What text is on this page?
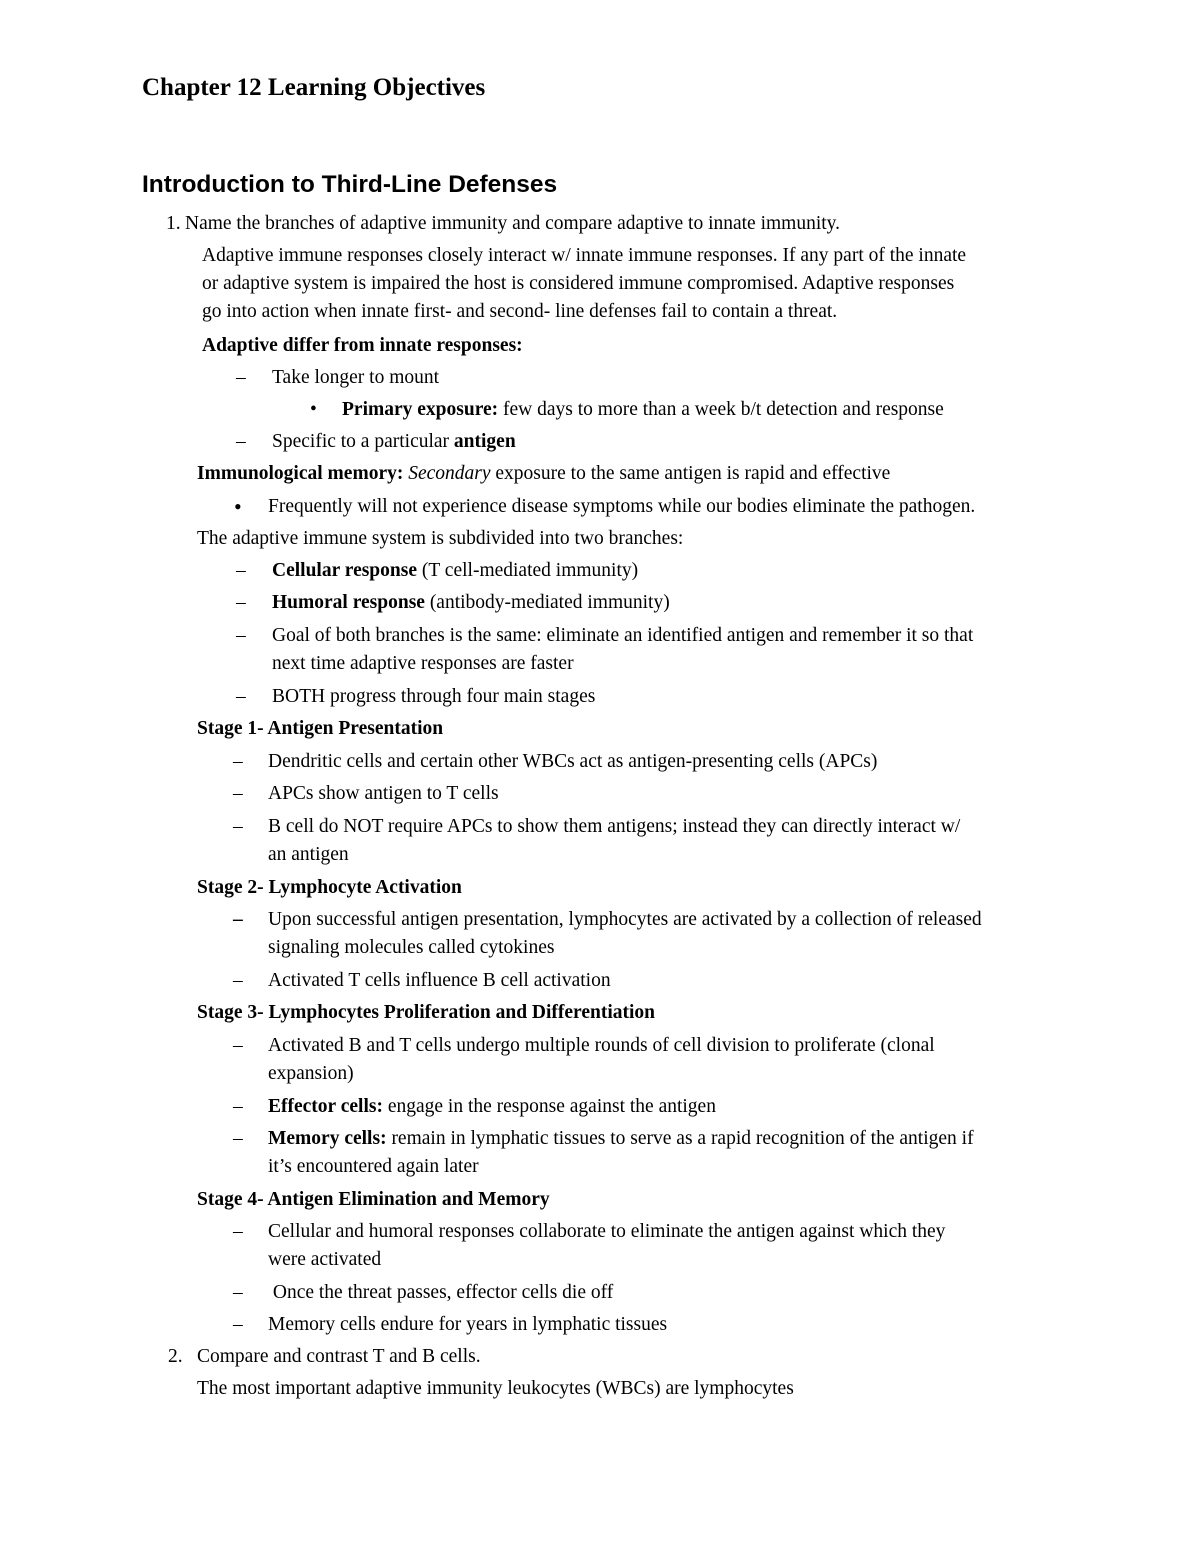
Chapter 12 Learning Objectives
Introduction to Third-Line Defenses
1. Name the branches of adaptive immunity and compare adaptive to innate immunity.
Adaptive immune responses closely interact w/ innate immune responses. If any part of the innate
or adaptive system is impaired the host is considered immune compromised. Adaptive responses
go into action when innate first- and second- line defenses fail to contain a threat.
Adaptive differ from innate responses:
– Take longer to mount
• Primary exposure: few days to more than a week b/t detection and response
– Specific to a particular antigen
Immunological memory: Secondary exposure to the same antigen is rapid and effective
• Frequently will not experience disease symptoms while our bodies eliminate the pathogen.
The adaptive immune system is subdivided into two branches:
– Cellular response (T cell-mediated immunity)
– Humoral response (antibody-mediated immunity)
– Goal of both branches is the same: eliminate an identified antigen and remember it so that
next time adaptive responses are faster
– BOTH progress through four main stages
Stage 1- Antigen Presentation
– Dendritic cells and certain other WBCs act as antigen-presenting cells (APCs)
– APCs show antigen to T cells
– B cell do NOT require APCs to show them antigens; instead they can directly interact w/
an antigen
Stage 2- Lymphocyte Activation
– Upon successful antigen presentation, lymphocytes are activated by a collection of released
signaling molecules called cytokines
– Activated T cells influence B cell activation
Stage 3- Lymphocytes Proliferation and Differentiation
– Activated B and T cells undergo multiple rounds of cell division to proliferate (clonal
expansion)
– Effector cells: engage in the response against the antigen
– Memory cells: remain in lymphatic tissues to serve as a rapid recognition of the antigen if
it’s encountered again later
Stage 4- Antigen Elimination and Memory
– Cellular and humoral responses collaborate to eliminate the antigen against which they
were activated
– Once the threat passes, effector cells die off
– Memory cells endure for years in lymphatic tissues
2. Compare and contrast T and B cells.
The most important adaptive immunity leukocytes (WBCs) are lymphocytes
